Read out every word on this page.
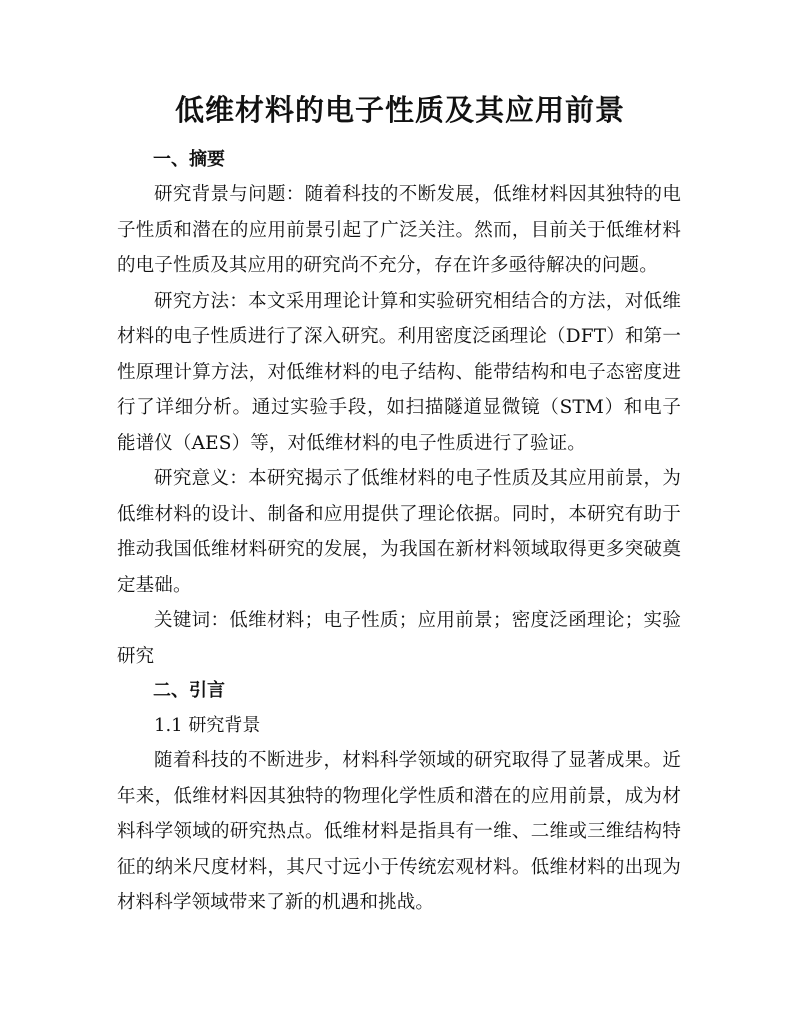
低维材料的电子性质及其应用前景
一、摘要

研究背景与问题：随着科技的不断发展，低维材料因其独特的电子性质和潜在的应用前景引起了广泛关注。然而，目前关于低维材料的电子性质及其应用的研究尚不充分，存在许多亟待解决的问题。

研究方法：本文采用理论计算和实验研究相结合的方法，对低维材料的电子性质进行了深入研究。利用密度泛函理论（DFT）和第一性原理计算方法，对低维材料的电子结构、能带结构和电子态密度进行了详细分析。通过实验手段，如扫描隧道显微镜（STM）和电子能谱仪（AES）等，对低维材料的电子性质进行了验证。

研究意义：本研究揭示了低维材料的电子性质及其应用前景，为低维材料的设计、制备和应用提供了理论依据。同时，本研究有助于推动我国低维材料研究的发展，为我国在新材料领域取得更多突破奠定基础。

关键词：低维材料；电子性质；应用前景；密度泛函理论；实验研究

二、引言
1.1 研究背景

随着科技的不断进步，材料科学领域的研究取得了显著成果。近年来，低维材料因其独特的物理化学性质和潜在的应用前景，成为材料科学领域的研究热点。低维材料是指具有一维、二维或三维结构特征的纳米尺度材料，其尺寸远小于传统宏观材料。低维材料的出现为材料科学领域带来了新的机遇和挑战。
